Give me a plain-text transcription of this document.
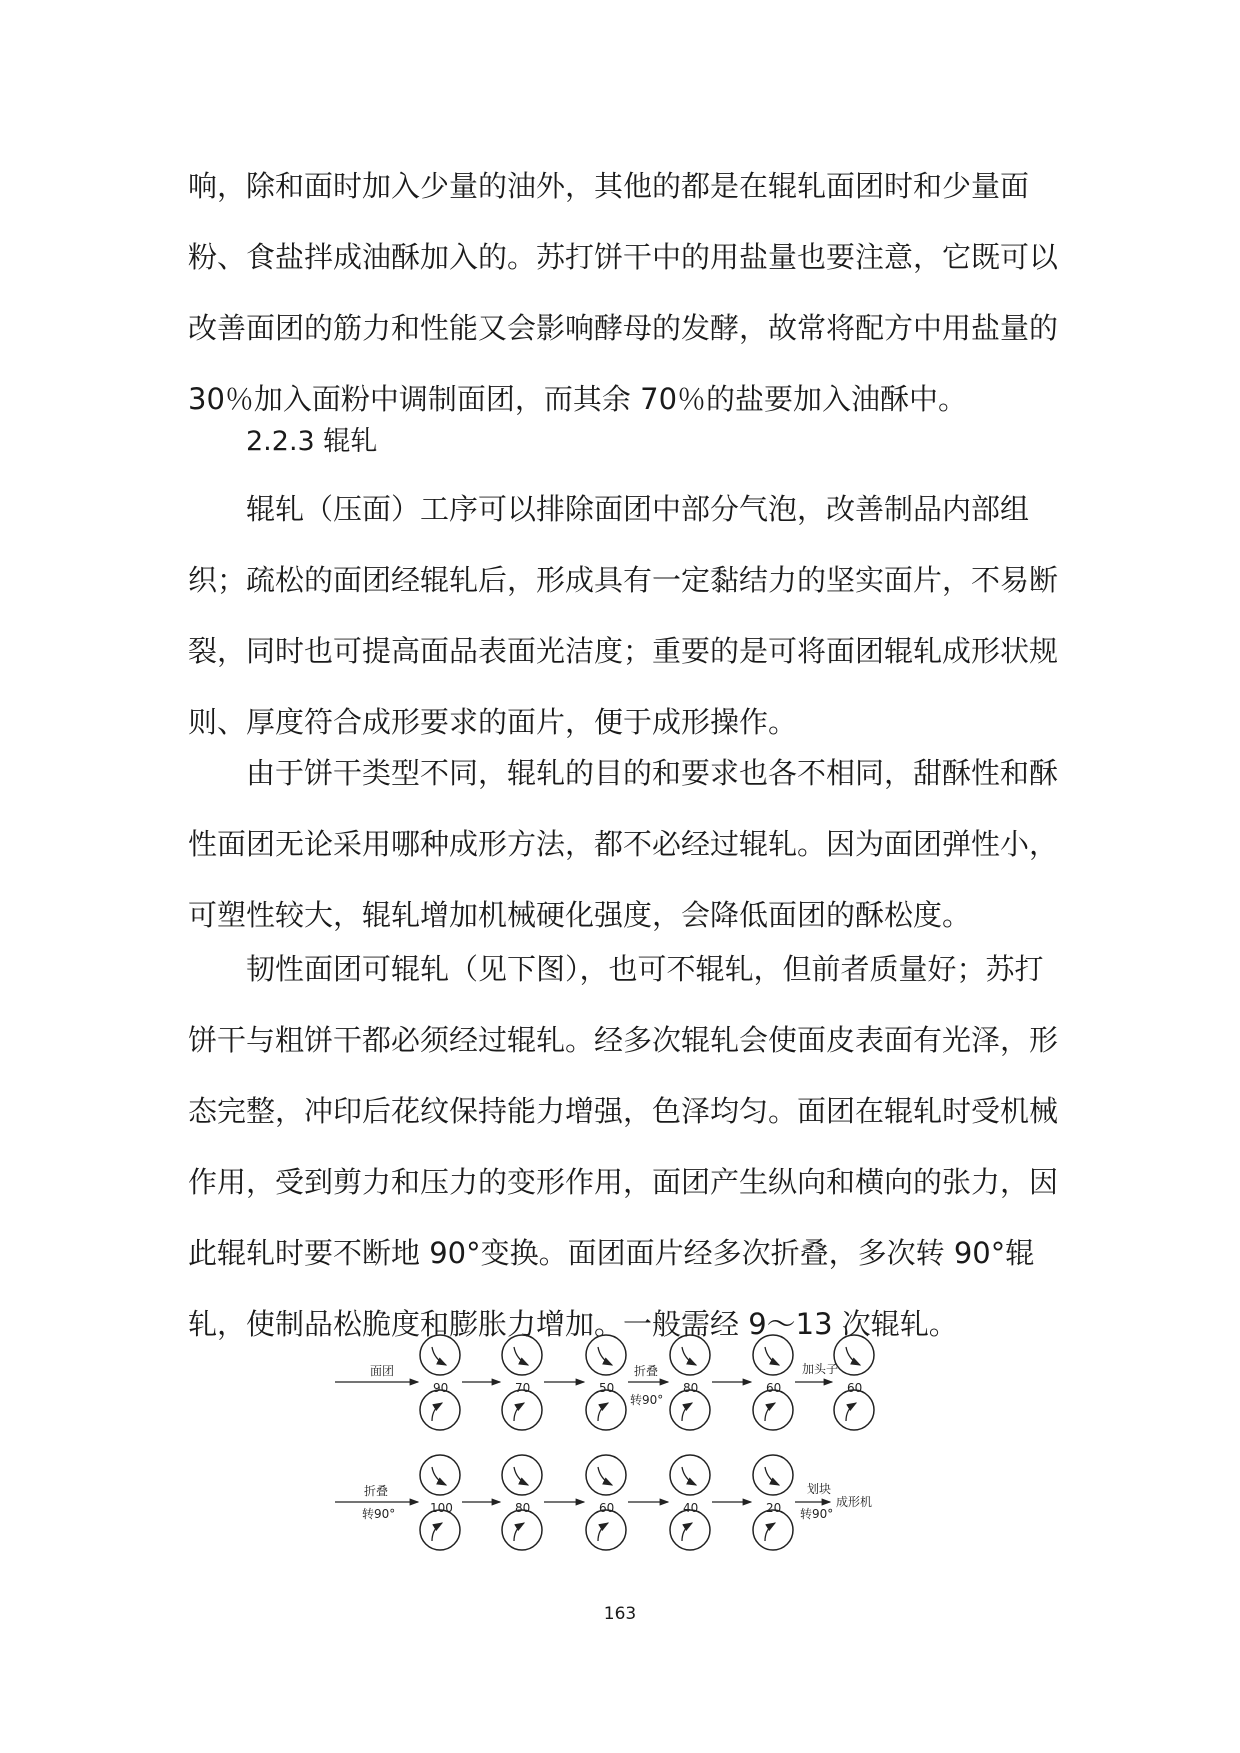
响，除和面时加入少量的油外，其他的都是在辊轧面团时和少量面粉、食盐拌成油酥加入的。苏打饼干中的用盐量也要注意，它既可以改善面团的筋力和性能又会影响酵母的发酵，故常将配方中用盐量的 30％加入面粉中调制面团，而其余 70％的盐要加入油酥中。
2.2.3 辊轧
辊轧（压面）工序可以排除面团中部分气泡，改善制品内部组织；疏松的面团经辊轧后，形成具有一定黏结力的坚实面片，不易断裂，同时也可提高面品表面光洁度；重要的是可将面团辊轧成形状规则、厚度符合成形要求的面片，便于成形操作。
由于饼干类型不同，辊轧的目的和要求也各不相同，甜酥性和酥性面团无论采用哪种成形方法，都不必经过辊轧。因为面团弹性小，可塑性较大，辊轧增加机械硬化强度，会降低面团的酥松度。
韧性面团可辊轧（见下图），也可不辊轧，但前者质量好；苏打饼干与粗饼干都必须经过辊轧。经多次辊轧会使面皮表面有光泽，形态完整，冲印后花纹保持能力增强，色泽均匀。面团在辊轧时受机械作用，受到剪力和压力的变形作用，面团产生纵向和横向的张力，因此辊轧时要不断地 90°变换。面团面片经多次折叠，多次转 90°辊轧，使制品松脆度和膨胀力增加。一般需经 9～13 次辊轧。
面团
90	70	50	80	60	60
折叠
转90°
加头子
折叠
转90°	100	80	60	40	20
划块
转90°
成形机
163
